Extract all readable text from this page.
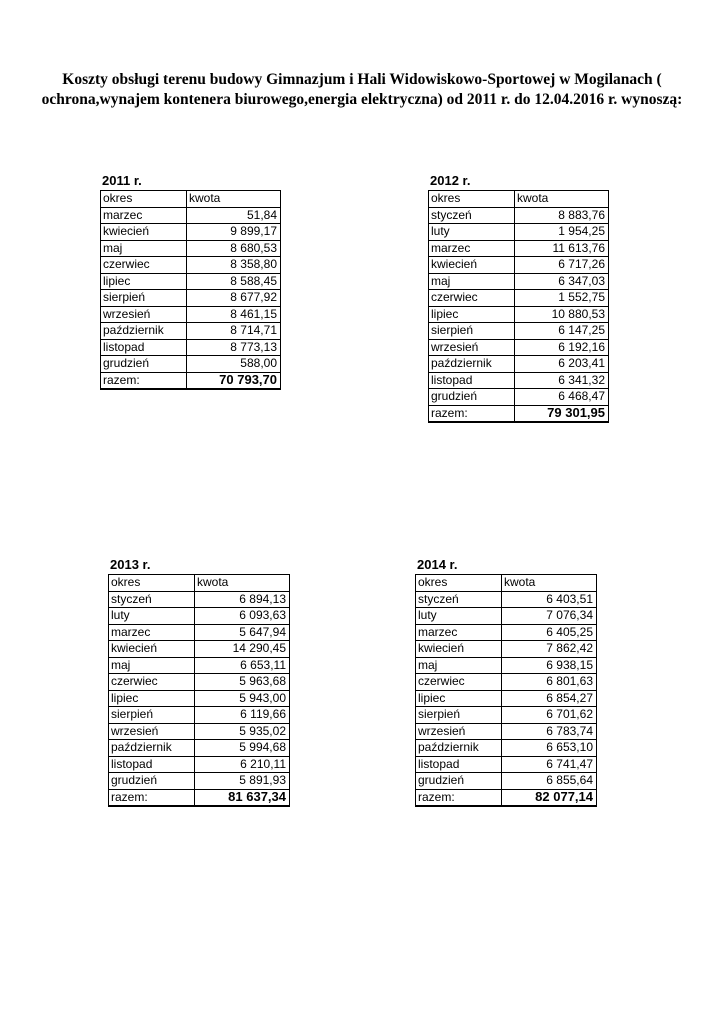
Koszty obsługi terenu budowy Gimnazjum i Hali Widowiskowo-Sportowej w Mogilanach ( ochrona,wynajem kontenera biurowego,energia elektryczna) od 2011 r. do 12.04.2016 r. wynoszą:
2011 r.
okres	kwota
marzec	51,84
kwiecień	9 899,17
maj	8 680,53
czerwiec	8 358,80
lipiec	8 588,45
sierpień	8 677,92
wrzesień	8 461,15
październik	8 714,71
listopad	8 773,13
grudzień	588,00
razem:	70 793,70
2012 r.
okres	kwota
styczeń	8 883,76
luty	1 954,25
marzec	11 613,76
kwiecień	6 717,26
maj	6 347,03
czerwiec	1 552,75
lipiec	10 880,53
sierpień	6 147,25
wrzesień	6 192,16
październik	6 203,41
listopad	6 341,32
grudzień	6 468,47
razem:	79 301,95
2013 r.
okres	kwota
styczeń	6 894,13
luty	6 093,63
marzec	5 647,94
kwiecień	14 290,45
maj	6 653,11
czerwiec	5 963,68
lipiec	5 943,00
sierpień	6 119,66
wrzesień	5 935,02
październik	5 994,68
listopad	6 210,11
grudzień	5 891,93
razem:	81 637,34
2014 r.
okres	kwota
styczeń	6 403,51
luty	7 076,34
marzec	6 405,25
kwiecień	7 862,42
maj	6 938,15
czerwiec	6 801,63
lipiec	6 854,27
sierpień	6 701,62
wrzesień	6 783,74
październik	6 653,10
listopad	6 741,47
grudzień	6 855,64
razem:	82 077,14
